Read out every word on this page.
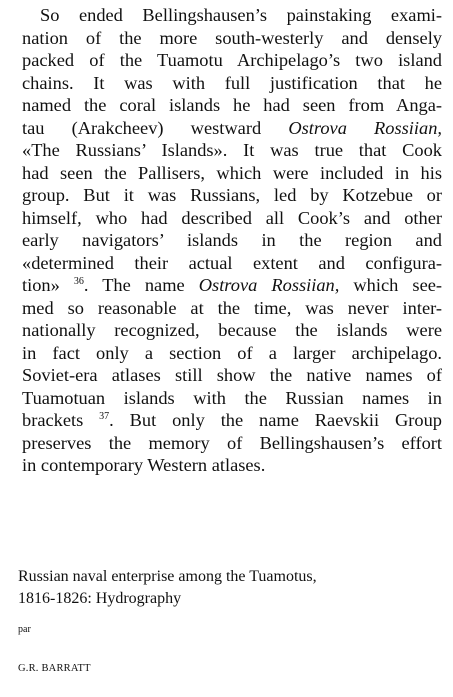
So ended Bellingshausen’s painstaking exami-
nation of the more south-westerly and densely
packed of the Tuamotu Archipelago’s two island
chains. It was with full justification that he
named the coral islands he had seen from Anga-
tau (Arakcheev) westward Ostrova Rossiian,
«The Russians’ Islands». It was true that Cook
had seen the Pallisers, which were included in his
group. But it was Russians, led by Kotzebue or
himself, who had described all Cook’s and other
early navigators’ islands in the region and
«determined their actual extent and configura-
tion» $^{36}$. The name Ostrova Rossiian, which see-
med so reasonable at the time, was never inter-
nationally recognized, because the islands were
in fact only a section of a larger archipelago.
Soviet-era atlases still show the native names of
Tuamotuan islands with the Russian names in
brackets $^{37}$. But only the name Raevskii Group
preserves the memory of Bellingshausen’s effort
in contemporary Western atlases.
Russian naval enterprise among the Tuamotus,
1816-1826: Hydrography
par
G.R. BARRATT
